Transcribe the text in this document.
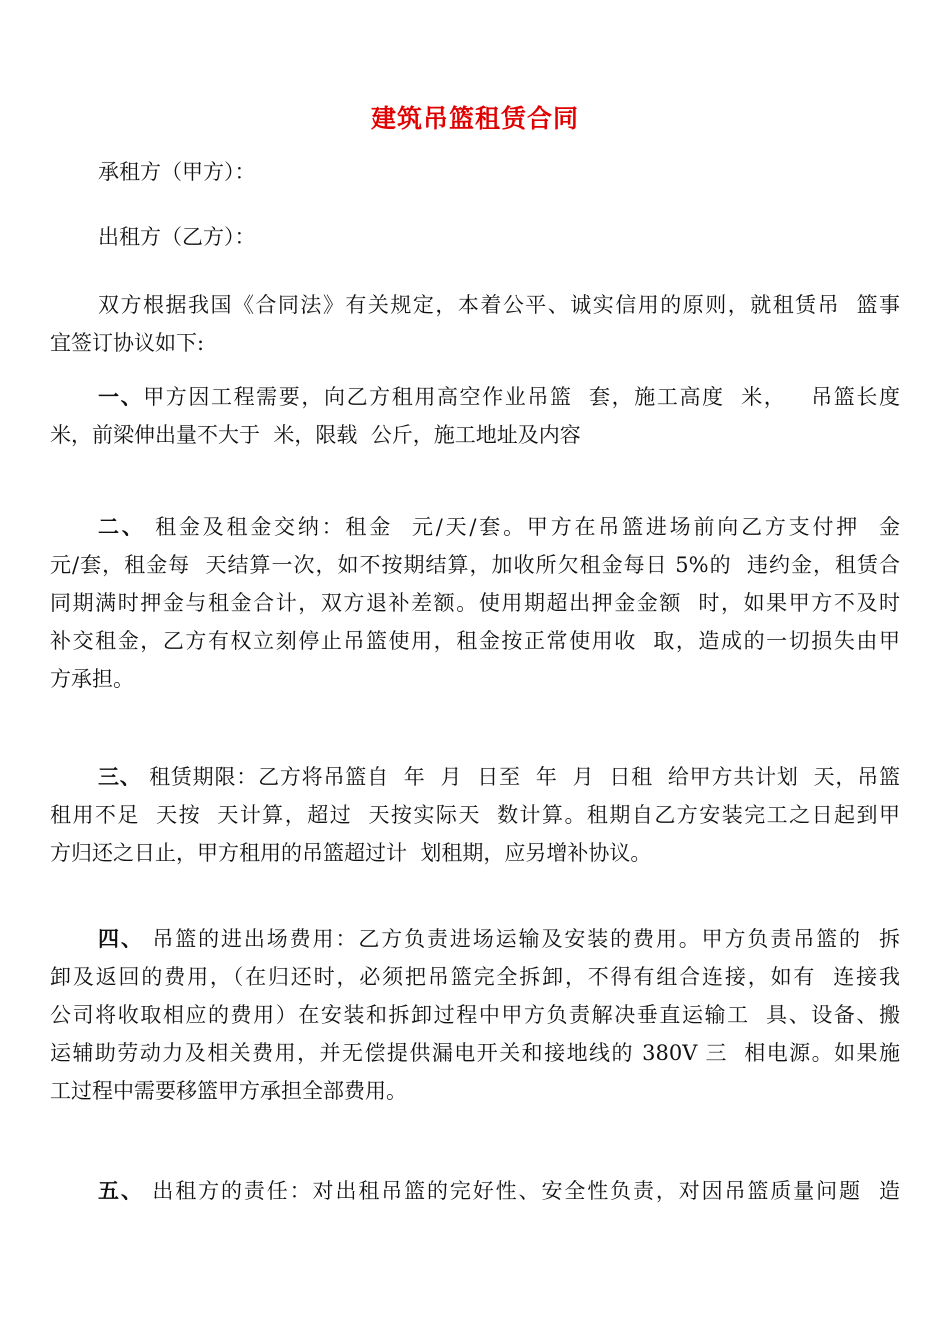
建筑吊篮租赁合同
承租方（甲方）：
出租方（乙方）：
双方根据我国《合同法》有关规定，本着公平、诚实信用的原则，就租赁吊  篮事
宜签订协议如下:
一、甲方因工程需要，向乙方租用高空作业吊篮  套，施工高度  米，   吊篮长度
米，前梁伸出量不大于  米，限载  公斤，施工地址及内容
二、 租金及租金交纳：租金  元/天/套。甲方在吊篮进场前向乙方支付押  金
元/套，租金每  天结算一次，如不按期结算，加收所欠租金每日 5%的  违约金，租赁合
同期满时押金与租金合计，双方退补差额。使用期超出押金金额  时，如果甲方不及时
补交租金，乙方有权立刻停止吊篮使用，租金按正常使用收  取，造成的一切损失由甲
方承担。
三、 租赁期限：乙方将吊篮自  年  月  日至  年  月  日租  给甲方共计划  天，吊篮
租用不足  天按  天计算，超过  天按实际天  数计算。租期自乙方安装完工之日起到甲
方归还之日止，甲方租用的吊篮超过计  划租期，应另增补协议。
四、 吊篮的进出场费用：乙方负责进场运输及安装的费用。甲方负责吊篮的  拆
卸及返回的费用，（在归还时，必须把吊篮完全拆卸，不得有组合连接，如有  连接我
公司将收取相应的费用）在安装和拆卸过程中甲方负责解决垂直运输工  具、设备、搬
运辅助劳动力及相关费用，并无偿提供漏电开关和接地线的 380V 三  相电源。如果施
工过程中需要移篮甲方承担全部费用。
五、 出租方的责任：对出租吊篮的完好性、安全性负责，对因吊篮质量问题  造
